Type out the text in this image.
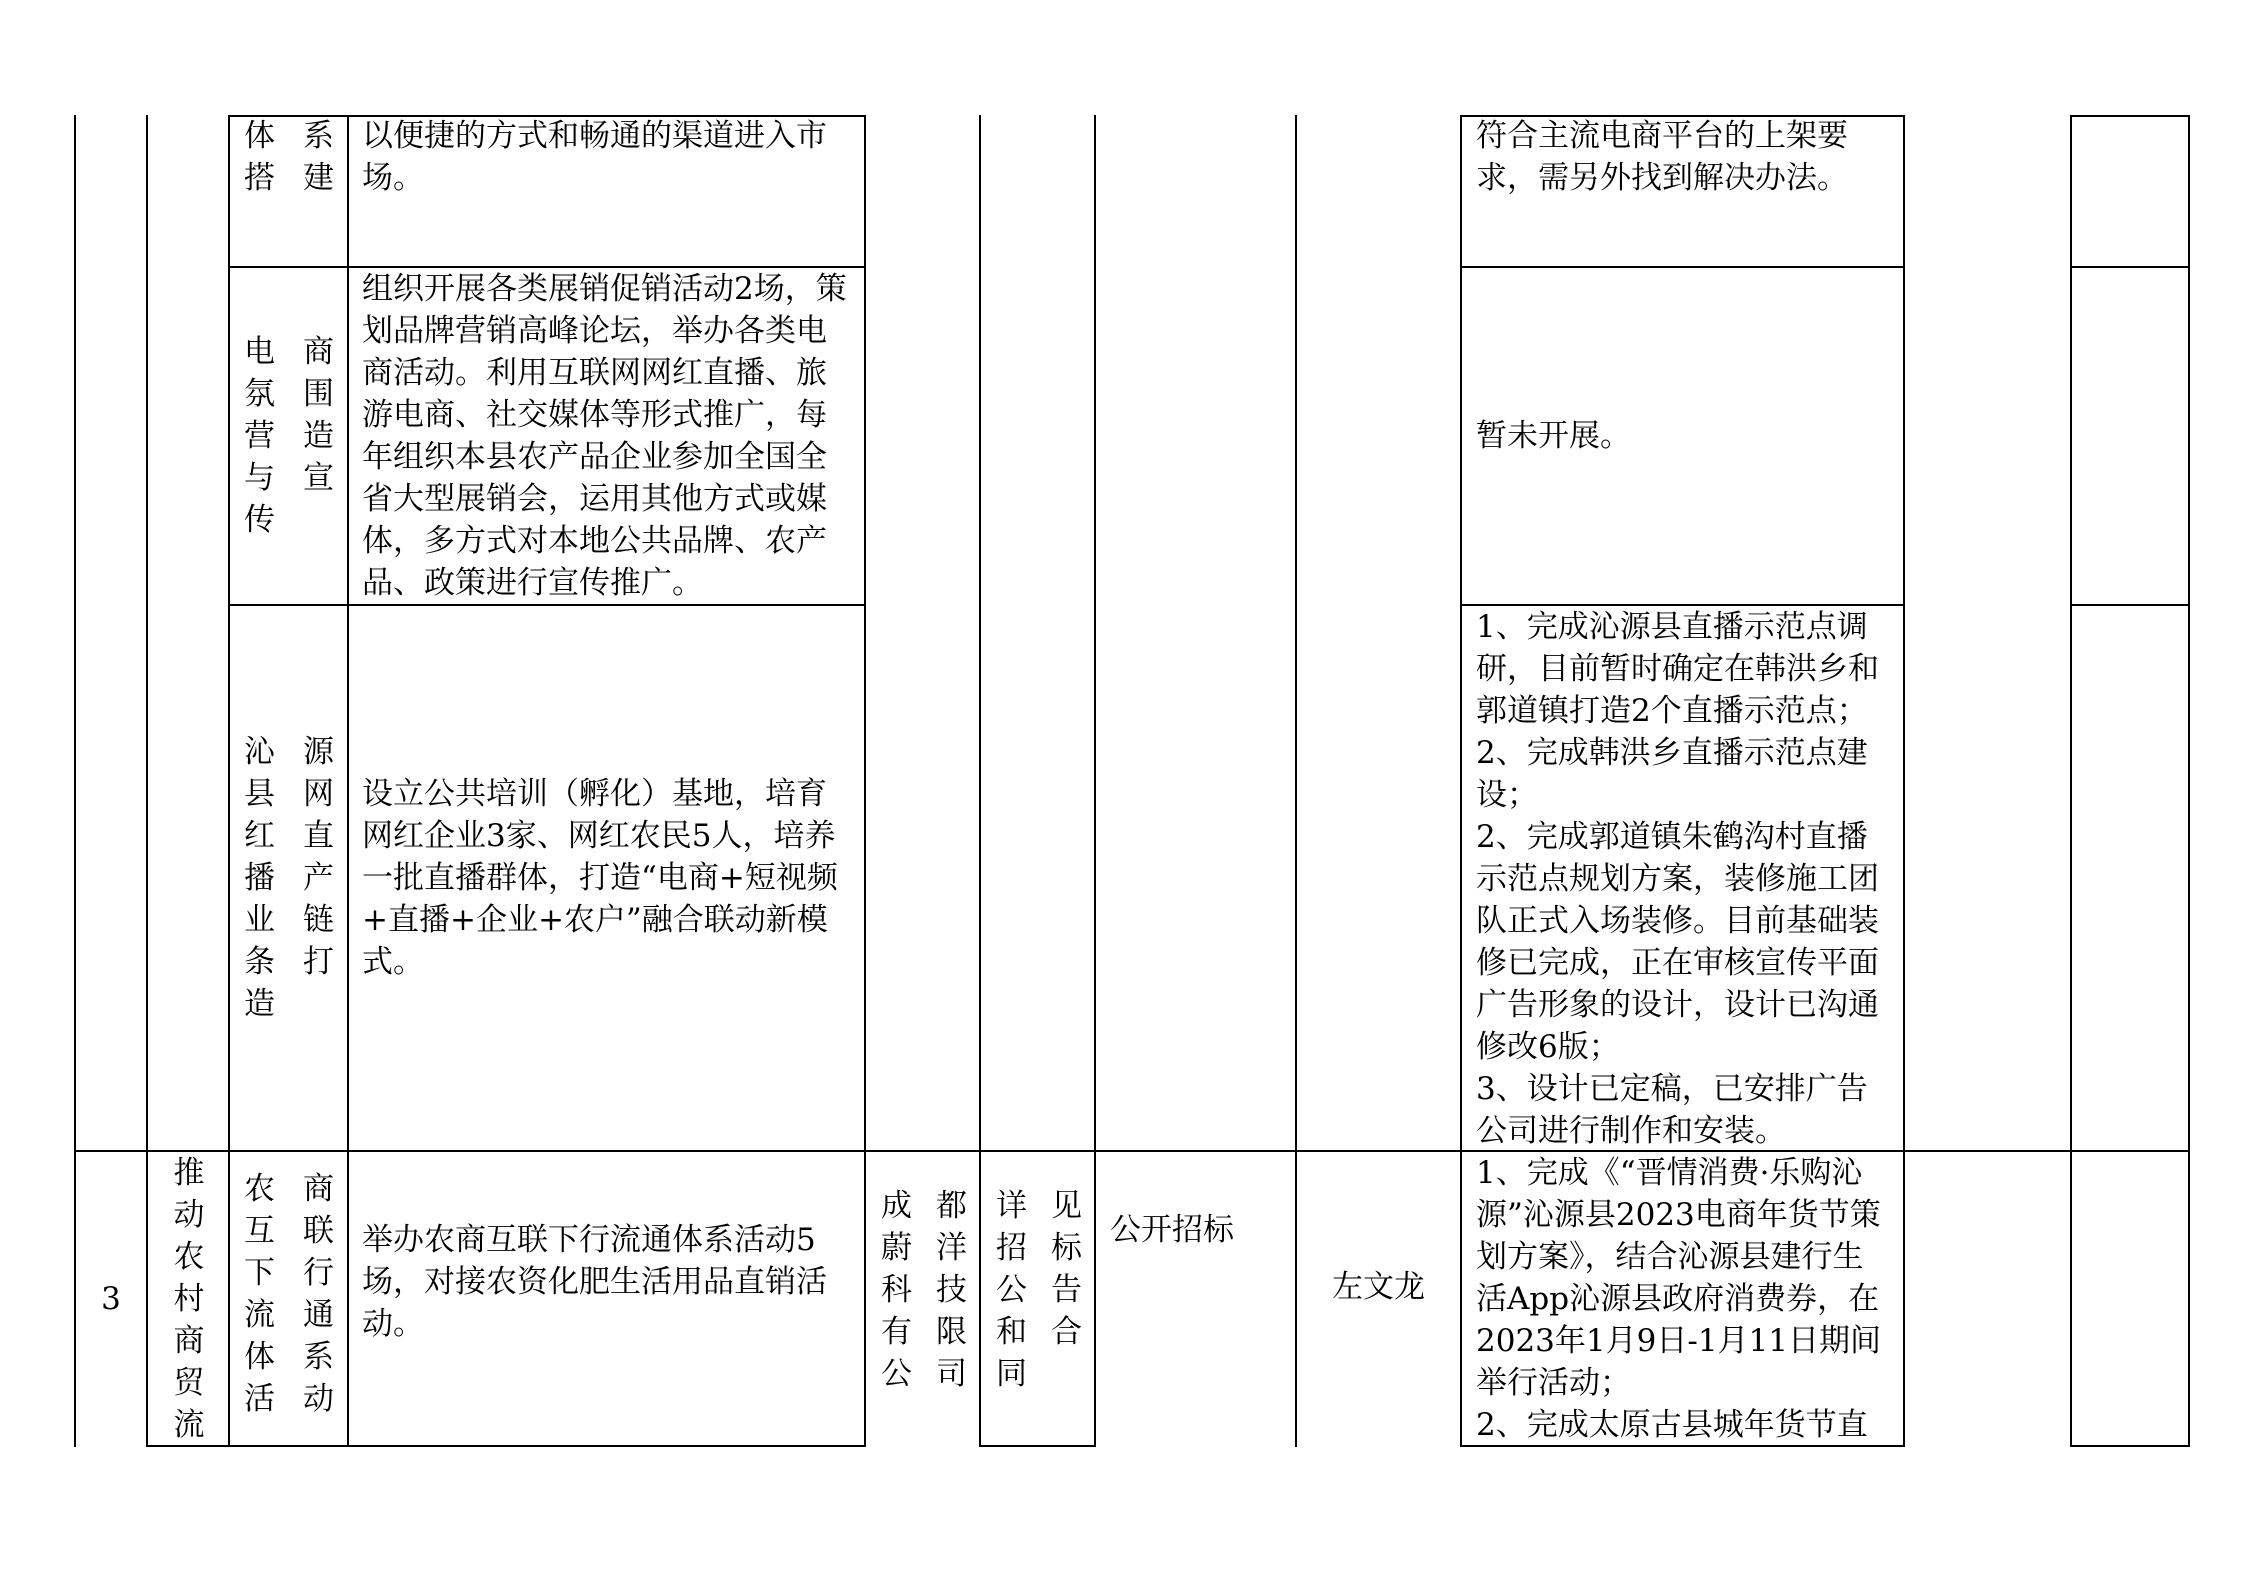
体系搭建
以便捷的方式和畅通的渠道进入市场。
符合主流电商平台的上架要求，需另外找到解决办法。
电商氛围营造与宣传
组织开展各类展销促销活动2场，策划品牌营销高峰论坛，举办各类电商活动。利用互联网网红直播、旅游电商、社交媒体等形式推广，每年组织本县农产品企业参加全国全省大型展销会，运用其他方式或媒体，多方式对本地公共品牌、农产品、政策进行宣传推广。
暂未开展。
沁源县网红直播产业链条打造
设立公共培训（孵化）基地，培育网红企业3家、网红农民5人，培养一批直播群体，打造“电商+短视频+直播+企业+农户”融合联动新模式。
1、完成沁源县直播示范点调研，目前暂时确定在韩洪乡和郭道镇打造2个直播示范点；
2、完成韩洪乡直播示范点建设；
2、完成郭道镇朱鹤沟村直播示范点规划方案，装修施工团队正式入场装修。目前基础装修已完成，正在审核宣传平面广告形象的设计，设计已沟通修改6版；
3、设计已定稿，已安排广告公司进行制作和安装。
3
推动农村商贸流
农商互联下行流通体系活动
举办农商互联下行流通体系活动5场，对接农资化肥生活用品直销活动。
成都蔚洋科技有限公司
详见招标公告和合同
公开招标
左文龙
1、完成《“晋情消费·乐购沁源”沁源县2023电商年货节策划方案》，结合沁源县建行生活App沁源县政府消费券，在2023年1月9日-1月11日期间举行活动；
2、完成太原古县城年货节直
